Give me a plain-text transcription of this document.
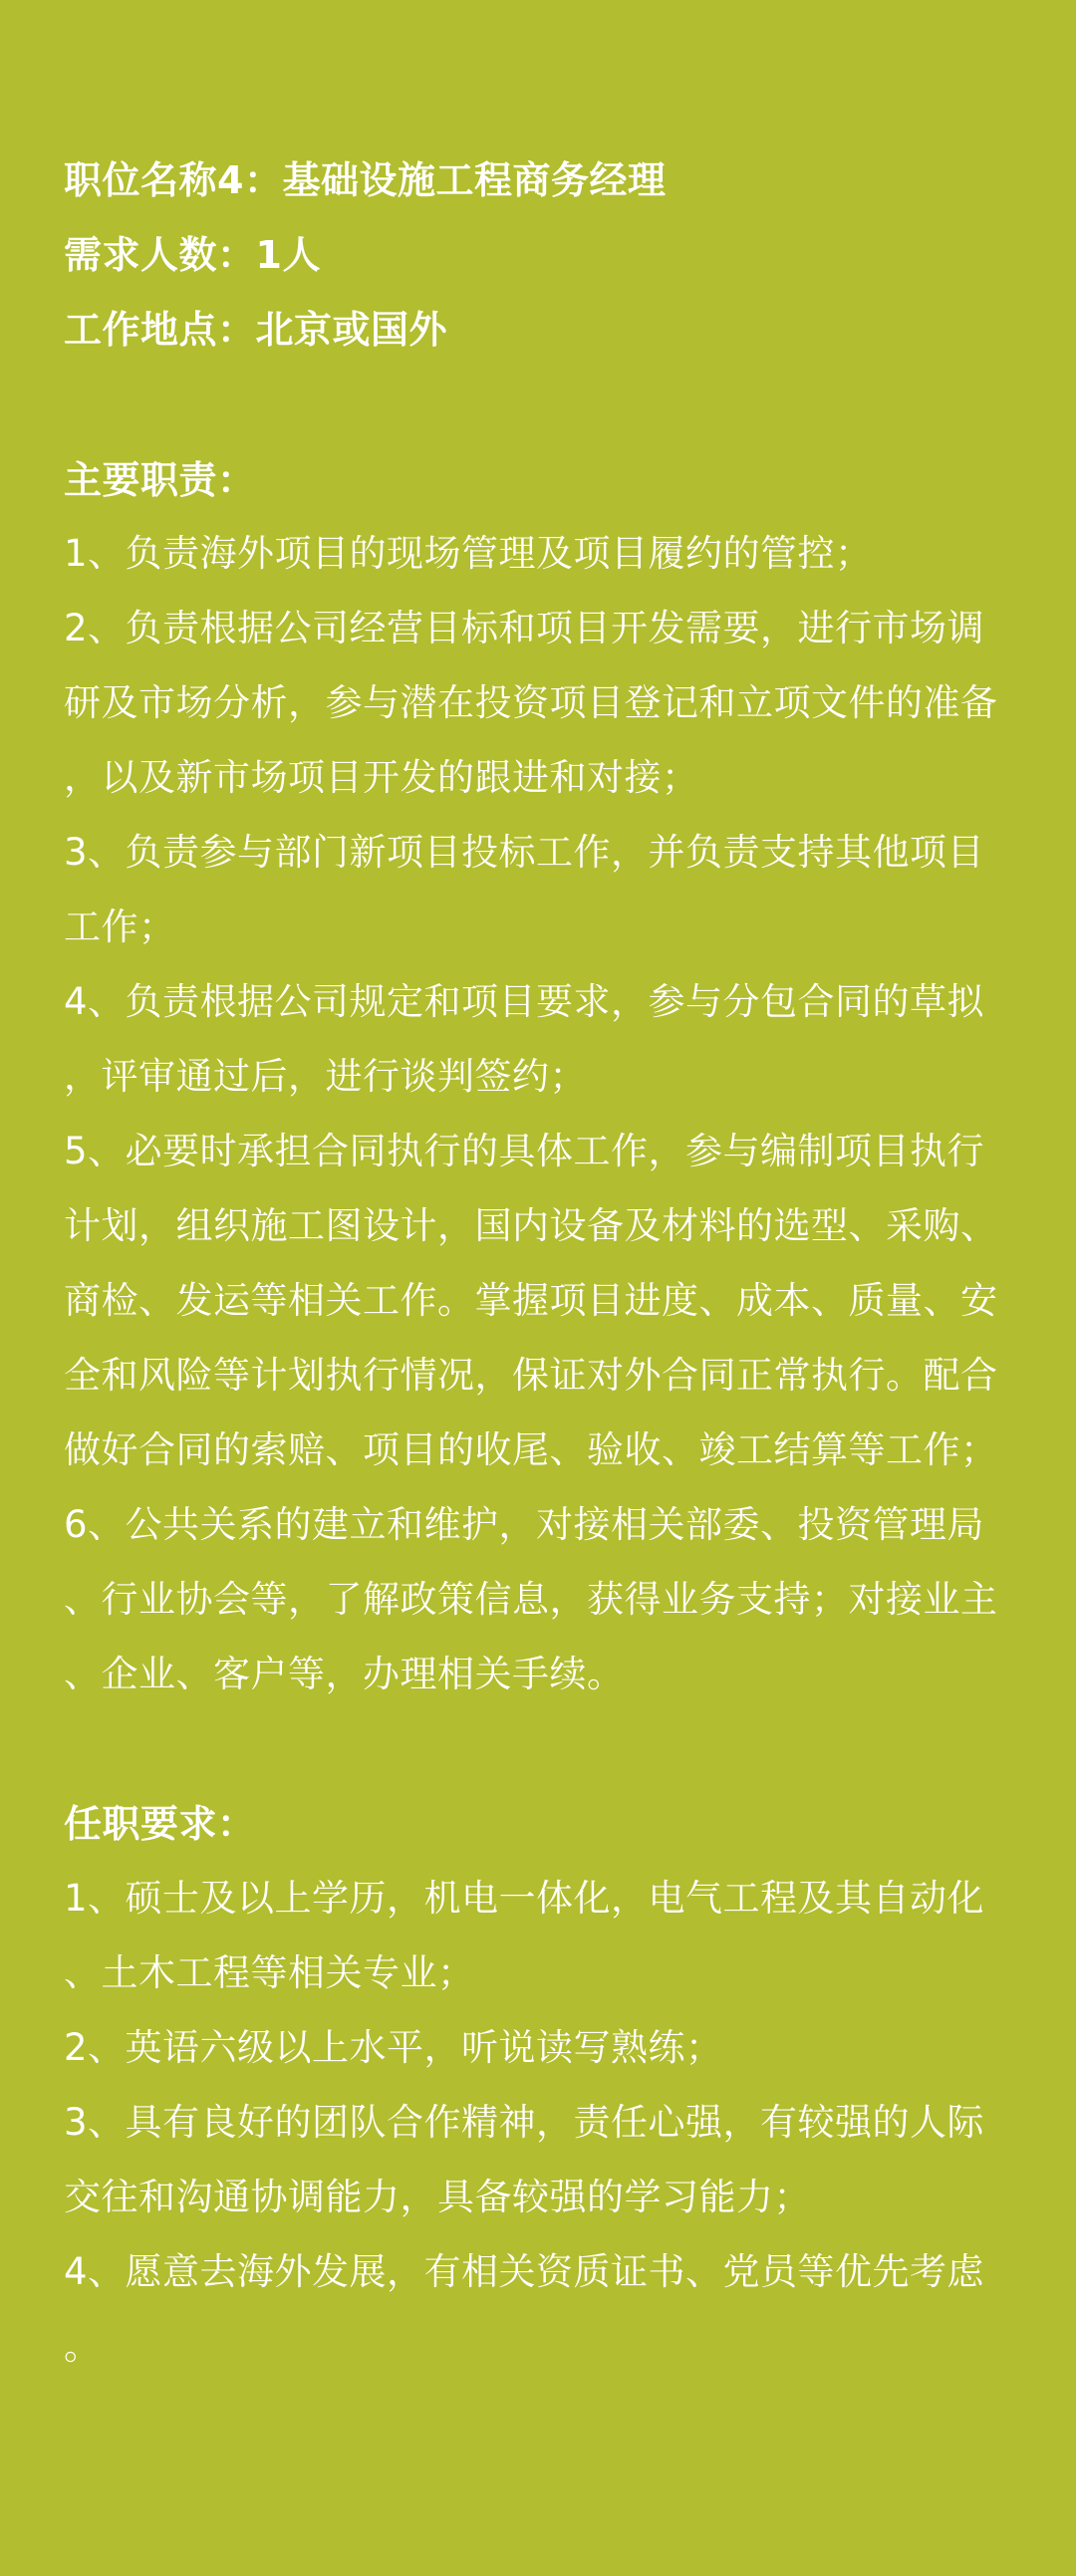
职位名称4：基础设施工程商务经理
需求人数：1人
工作地点：北京或国外
主要职责：
1、负责海外项目的现场管理及项目履约的管控；
2、负责根据公司经营目标和项目开发需要，进行市场调
研及市场分析，参与潜在投资项目登记和立项文件的准备
，以及新市场项目开发的跟进和对接；
3、负责参与部门新项目投标工作，并负责支持其他项目
工作；
4、负责根据公司规定和项目要求，参与分包合同的草拟
，评审通过后，进行谈判签约；
5、必要时承担合同执行的具体工作，参与编制项目执行
计划，组织施工图设计，国内设备及材料的选型、采购、
商检、发运等相关工作。掌握项目进度、成本、质量、安
全和风险等计划执行情况，保证对外合同正常执行。配合
做好合同的索赔、项目的收尾、验收、竣工结算等工作；
6、公共关系的建立和维护，对接相关部委、投资管理局
、行业协会等，了解政策信息，获得业务支持；对接业主
、企业、客户等，办理相关手续。
任职要求：
1、硕士及以上学历，机电一体化，电气工程及其自动化
、土木工程等相关专业；
2、英语六级以上水平，听说读写熟练；
3、具有良好的团队合作精神，责任心强，有较强的人际
交往和沟通协调能力，具备较强的学习能力；
4、愿意去海外发展，有相关资质证书、党员等优先考虑
。
